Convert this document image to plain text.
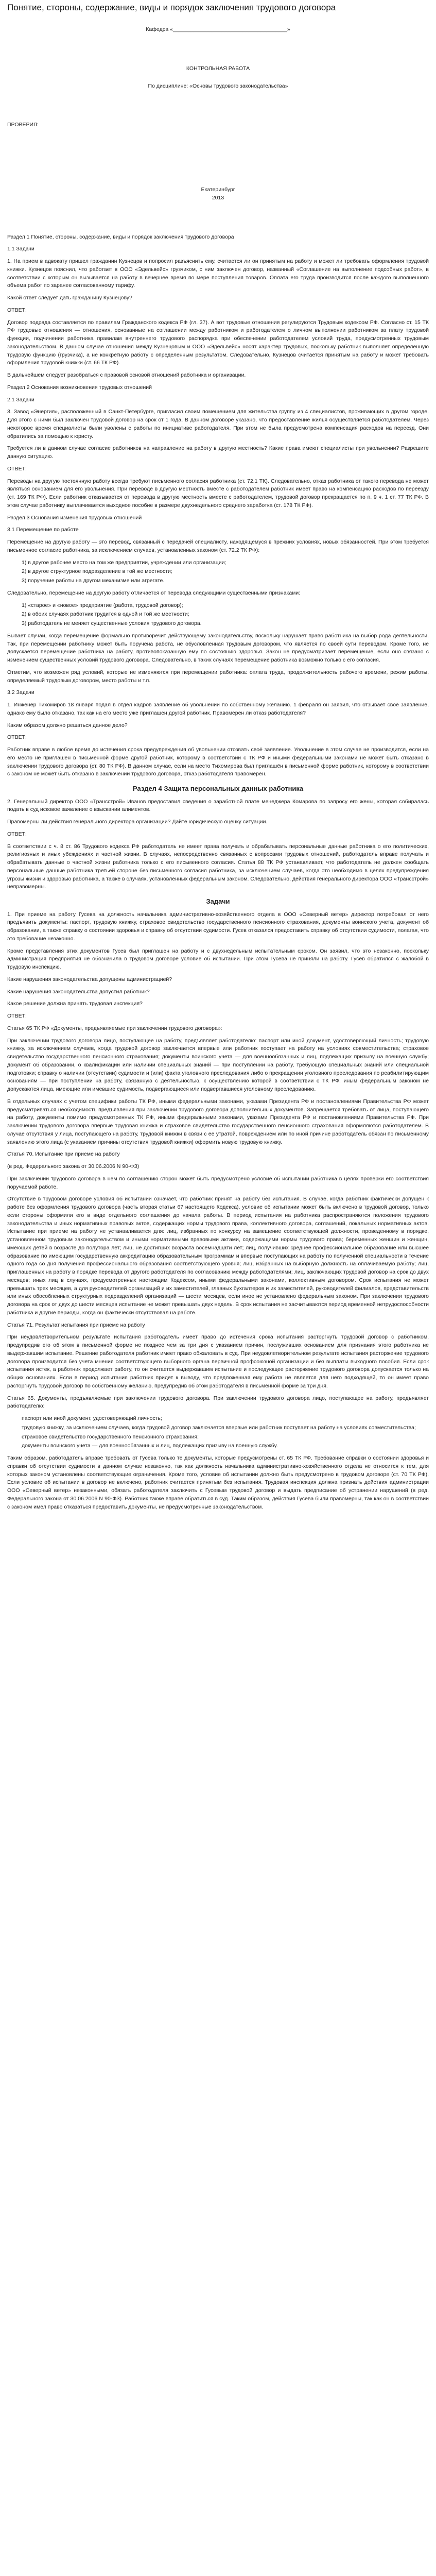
Понятие, стороны, содержание, виды и порядок заключения трудового договора
Кафедра «______________________________________»
КОНТРОЛЬНАЯ РАБОТА
По дисциплине: «Основы трудового законодательства»
ПРОВЕРИЛ:
Екатеринбург
2013

Раздел 1 Понятие, стороны, содержание, виды и порядок заключения трудового договора

1.1 Задачи

1. На прием в адвокату пришел гражданин Кузнецов и попросил разъяснить ему, считается ли он принятым на работу и может ли требовать оформления трудовой книжки. Кузнецов пояснил, что работает в ООО «Эдельвейс» грузчиком, с ним заключен договор, названный «Соглашение на выполнение подсобных работ», в соответствии с которым он вызывается на работу в вечернее время по мере поступления товаров. Оплата его труда производится после каждого выполненного объема работ по заранее согласованному тарифу.

Какой ответ следует дать гражданину Кузнецову?

ОТВЕТ:

Договор подряда составляется по правилам Гражданского кодекса РФ (гл. 37). А вот трудовые отношения регулируются Трудовым кодексом РФ. Согласно ст. 15 ТК РФ трудовые отношения — отношения, основанные на соглашении между работником и работодателем о личном выполнении работником за плату трудовой функции, подчинении работника правилам внутреннего трудового распорядка при обеспечении работодателем условий труда, предусмотренных трудовым законодательством. В данном случае отношения между Кузнецовым и ООО «Эдельвейс» носят характер трудовых, поскольку работник выполняет определенную трудовую функцию (грузчика), а не конкретную работу с определенным результатом. Следовательно, Кузнецов считается принятым на работу и может требовать оформления трудовой книжки (ст. 66 ТК РФ).

В дальнейшем следует разобраться с правовой основой отношений работника и организации.

Раздел 2 Основания возникновения трудовых отношений

2.1 Задачи

3. Завод «Энергия», расположенный в Санкт-Петербурге, пригласил своим помещением для жительства группу из 4 специалистов, проживающих в другом городе. Для этого с ними был заключен трудовой договор на срок от 1 года. В данном договоре указано, что предоставление жилья осуществляется работодателем. Через некоторое время специалисты были уволены с работы по инициативе работодателя. При этом не была предусмотрена компенсация расходов на переезд. Они обратились за помощью к юристу.

Требуется ли в данном случае согласие работников на направление на работу в другую местность? Какие права имеют специалисты при увольнении? Разрешите данную ситуацию.

ОТВЕТ:

Переводы на другую постоянную работу всегда требуют письменного согласия работника (ст. 72.1 ТК). Следовательно, отказ работника от такого перевода не может являться основанием для его увольнения. При переводе в другую местность вместе с работодателем работник имеет право на компенсацию расходов по переезду (ст. 169 ТК РФ). Если работник отказывается от перевода в другую местность вместе с работодателем, трудовой договор прекращается по п. 9 ч. 1 ст. 77 ТК РФ. В этом случае работнику выплачивается выходное пособие в размере двухнедельного среднего заработка (ст. 178 ТК РФ).

Раздел 3 Основания изменения трудовых отношений

3.1 Перемещение по работе

Перемещение на другую работу — это перевод, связанный с передачей специалисту, находящемуся в прежних условиях, новых обязанностей. При этом требуется письменное согласие работника, за исключением случаев, установленных законом (ст. 72.2 ТК РФ):

1) в другое рабочее место на том же предприятии, учреждении или организации;
2) в другое структурное подразделение в той же местности;
3) поручение работы на другом механизме или агрегате.

Следовательно, перемещение на другую работу отличается от перевода следующими существенными признаками:

1) «старое» и «новое» предприятие (работа, трудовой договор);
2) в обоих случаях работник трудится в одной и той же местности;
3) работодатель не меняет существенные условия трудового договора.

Бывает случаи, когда перемещение формально противоречит действующему законодательству, поскольку нарушает право работника на выбор рода деятельности. Так, при перемещении работнику может быть поручена работа, не обусловленная трудовым договором, что является по своей сути переводом. Кроме того, не допускается перемещение работника на работу, противопоказанную ему по состоянию здоровья. Закон не предусматривает перемещение, если оно связано с изменением существенных условий трудового договора. Следовательно, в таких случаях перемещение работника возможно только с его согласия.

Отметим, что возможен ряд условий, которые не изменяются при перемещении работника: оплата труда, продолжительность рабочего времени, режим работы, определяемый трудовым договором, место работы и т.п.

3.2 Задачи

1. Инженер Тихомиров 18 января подал в отдел кадров заявление об увольнении по собственному желанию. 1 февраля он заявил, что отзывает своё заявление, однако ему было отказано, так как на его место уже приглашен другой работник. Правомерен ли отказ работодателя?

Каким образом должно решаться данное дело?

ОТВЕТ:

Работник вправе в любое время до истечения срока предупреждения об увольнении отозвать своё заявление. Увольнение в этом случае не производится, если на его место не приглашен в письменной форме другой работник, которому в соответствии с ТК РФ и иными федеральными законами не может быть отказано в заключении трудового договора (ст. 80 ТК РФ). В данном случае, если на место Тихомирова был приглашён в письменной форме работник, которому в соответствии с законом не может быть отказано в заключении трудового договора, отказ работодателя правомерен.

Раздел 4 Защита персональных данных работника

2. Генеральный директор ООО «Трансстрой» Иванов предоставил сведения о заработной плате менеджера Комарова по запросу его жены, которая собиралась подать в суд исковое заявление о взыскании алиментов.

Правомерны ли действия генерального директора организации? Дайте юридическую оценку ситуации.

ОТВЕТ:

В соответствии с ч. 8 ст. 86 Трудового кодекса РФ работодатель не имеет права получать и обрабатывать персональные данные работника о его политических, религиозных и иных убеждениях и частной жизни. В случаях, непосредственно связанных с вопросами трудовых отношений, работодатель вправе получать и обрабатывать данные о частной жизни работника только с его письменного согласия. Статья 88 ТК РФ устанавливает, что работодатель не должен сообщать персональные данные работника третьей стороне без письменного согласия работника, за исключением случаев, когда это необходимо в целях предупреждения угрозы жизни и здоровью работника, а также в случаях, установленных федеральным законом. Следовательно, действия генерального директора ООО «Трансстрой» неправомерны.

Задачи

1. При приеме на работу Гусева на должность начальника административно-хозяйственного отдела в ООО «Северный ветер» директор потребовал от него предъявить документы: паспорт, трудовую книжку, страховое свидетельство государственного пенсионного страхования, документы воинского учета, документ об образовании, а также справку о состоянии здоровья и справку об отсутствии судимости. Гусев отказался предоставить справку об отсутствии судимости, полагая, что это требование незаконно.

Кроме представления этих документов Гусев был приглашен на работу и с двухнедельным испытательным сроком. Он заявил, что это незаконно, поскольку администрация предприятия не обозначила в трудовом договоре условие об испытании. При этом Гусева не приняли на работу. Гусев обратился с жалобой в трудовую инспекцию.

Какие нарушения законодательства допущены администрацией?

Какие нарушения законодательства допустил работник?

Какое решение должна принять трудовая инспекция?

ОТВЕТ:

Статья 65 ТК РФ «Документы, предъявляемые при заключении трудового договора»:

При заключении трудового договора лицо, поступающее на работу, предъявляет работодателю: паспорт или иной документ, удостоверяющий личность; трудовую книжку, за исключением случаев, когда трудовой договор заключается впервые или работник поступает на работу на условиях совместительства; страховое свидетельство государственного пенсионного страхования; документы воинского учета — для военнообязанных и лиц, подлежащих призыву на военную службу; документ об образовании, о квалификации или наличии специальных знаний — при поступлении на работу, требующую специальных знаний или специальной подготовки; справку о наличии (отсутствии) судимости и (или) факта уголовного преследования либо о прекращении уголовного преследования по реабилитирующим основаниям — при поступлении на работу, связанную с деятельностью, к осуществлению которой в соответствии с ТК РФ, иным федеральным законом не допускаются лица, имеющие или имевшие судимость, подвергающиеся или подвергавшиеся уголовному преследованию.

В отдельных случаях с учетом специфики работы ТК РФ, иными федеральными законами, указами Президента РФ и постановлениями Правительства РФ может предусматриваться необходимость предъявления при заключении трудового договора дополнительных документов. Запрещается требовать от лица, поступающего на работу, документы помимо предусмотренных ТК РФ, иными федеральными законами, указами Президента РФ и постановлениями Правительства РФ. При заключении трудового договора впервые трудовая книжка и страховое свидетельство государственного пенсионного страхования оформляются работодателем. В случае отсутствия у лица, поступающего на работу, трудовой книжки в связи с ее утратой, повреждением или по иной причине работодатель обязан по письменному заявлению этого лица (с указанием причины отсутствия трудовой книжки) оформить новую трудовую книжку.

Статья 70. Испытание при приеме на работу

(в ред. Федерального закона от 30.06.2006 N 90-ФЗ)

При заключении трудового договора в нем по соглашению сторон может быть предусмотрено условие об испытании работника в целях проверки его соответствия поручаемой работе.

Отсутствие в трудовом договоре условия об испытании означает, что работник принят на работу без испытания. В случае, когда работник фактически допущен к работе без оформления трудового договора (часть вторая статьи 67 настоящего Кодекса), условие об испытании может быть включено в трудовой договор, только если стороны оформили его в виде отдельного соглашения до начала работы. В период испытания на работника распространяются положения трудового законодательства и иных нормативных правовых актов, содержащих нормы трудового права, коллективного договора, соглашений, локальных нормативных актов. Испытание при приеме на работу не устанавливается для: лиц, избранных по конкурсу на замещение соответствующей должности, проведенному в порядке, установленном трудовым законодательством и иными нормативными правовыми актами, содержащими нормы трудового права; беременных женщин и женщин, имеющих детей в возрасте до полутора лет; лиц, не достигших возраста восемнадцати лет; лиц, получивших среднее профессиональное образование или высшее образование по имеющим государственную аккредитацию образовательным программам и впервые поступающих на работу по полученной специальности в течение одного года со дня получения профессионального образования соответствующего уровня; лиц, избранных на выборную должность на оплачиваемую работу; лиц, приглашенных на работу в порядке перевода от другого работодателя по согласованию между работодателями; лиц, заключающих трудовой договор на срок до двух месяцев; иных лиц в случаях, предусмотренных настоящим Кодексом, иными федеральными законами, коллективным договором. Срок испытания не может превышать трех месяцев, а для руководителей организаций и их заместителей, главных бухгалтеров и их заместителей, руководителей филиалов, представительств или иных обособленных структурных подразделений организаций — шести месяцев, если иное не установлено федеральным законом. При заключении трудового договора на срок от двух до шести месяцев испытание не может превышать двух недель. В срок испытания не засчитываются период временной нетрудоспособности работника и другие периоды, когда он фактически отсутствовал на работе.

Статья 71. Результат испытания при приеме на работу

При неудовлетворительном результате испытания работодатель имеет право до истечения срока испытания расторгнуть трудовой договор с работником, предупредив его об этом в письменной форме не позднее чем за три дня с указанием причин, послуживших основанием для признания этого работника не выдержавшим испытание. Решение работодателя работник имеет право обжаловать в суд. При неудовлетворительном результате испытания расторжение трудового договора производится без учета мнения соответствующего выборного органа первичной профсоюзной организации и без выплаты выходного пособия. Если срок испытания истек, а работник продолжает работу, то он считается выдержавшим испытание и последующее расторжение трудового договора допускается только на общих основаниях. Если в период испытания работник придет к выводу, что предложенная ему работа не является для него подходящей, то он имеет право расторгнуть трудовой договор по собственному желанию, предупредив об этом работодателя в письменной форме за три дня.

Статья 65. Документы, предъявляемые при заключении трудового договора. При заключении трудового договора лицо, поступающее на работу, предъявляет работодателю:

паспорт или иной документ, удостоверяющий личность;
трудовую книжку, за исключением случаев, когда трудовой договор заключается впервые или работник поступает на работу на условиях совместительства;
страховое свидетельство государственного пенсионного страхования;
документы воинского учета — для военнообязанных и лиц, подлежащих призыву на военную службу.

Таким образом, работодатель вправе требовать от Гусева только те документы, которые предусмотрены ст. 65 ТК РФ. Требование справки о состоянии здоровья и справки об отсутствии судимости в данном случае незаконно, так как должность начальника административно-хозяйственного отдела не относится к тем, для которых законом установлены соответствующие ограничения. Кроме того, условие об испытании должно быть предусмотрено в трудовом договоре (ст. 70 ТК РФ). Если условие об испытании в договор не включено, работник считается принятым без испытания. Трудовая инспекция должна признать действия администрации ООО «Северный ветер» незаконными, обязать работодателя заключить с Гусевым трудовой договор и выдать предписание об устранении нарушений (в ред. Федерального закона от 30.06.2006 N 90-ФЗ). Работник также вправе обратиться в суд. Таким образом, действия Гусева были правомерны, так как он в соответствии с законом имел право отказаться предоставить документы, не предусмотренные законодательством.
